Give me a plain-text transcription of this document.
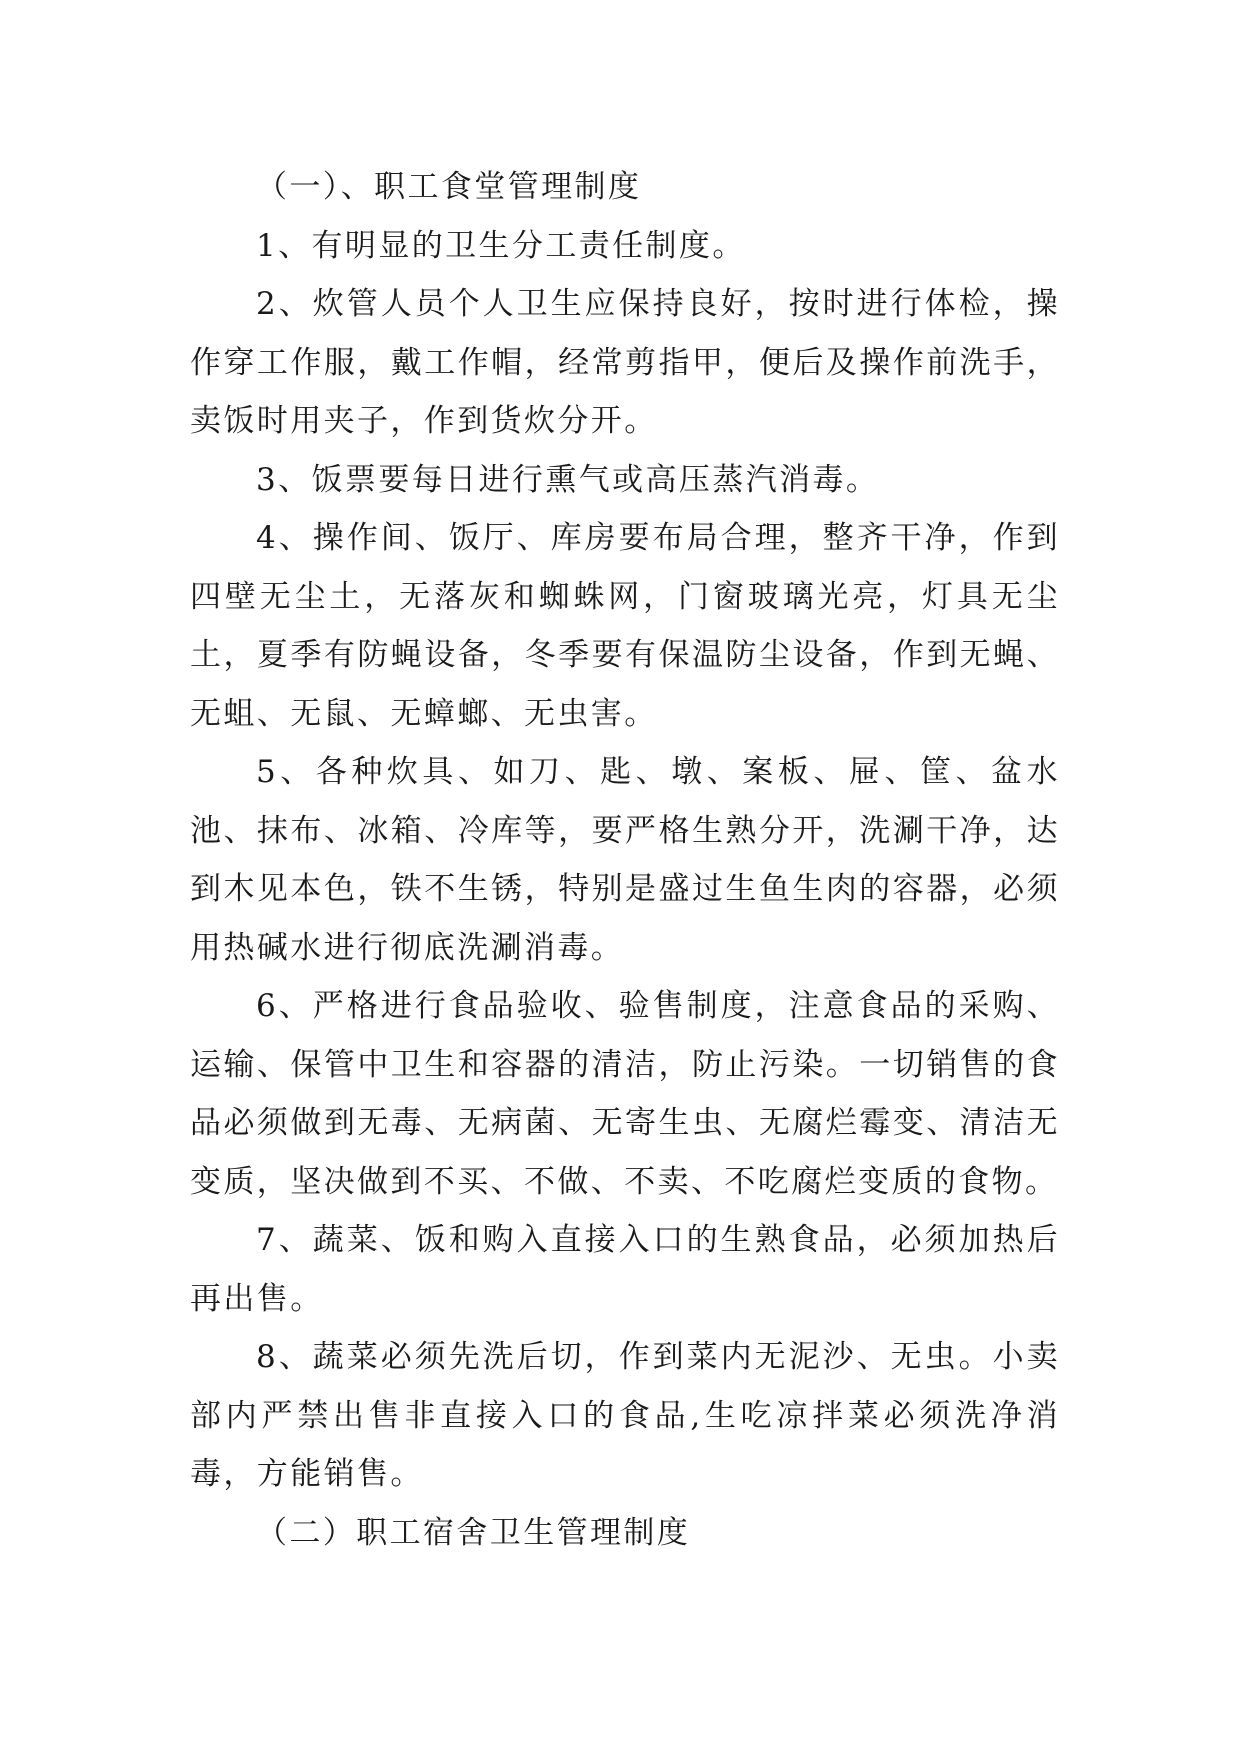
（一）、职工食堂管理制度

1、有明显的卫生分工责任制度。

2、炊管人员个人卫生应保持良好，按时进行体检，操作穿工作服，戴工作帽，经常剪指甲，便后及操作前洗手，卖饭时用夹子，作到货炊分开。

3、饭票要每日进行熏气或高压蒸汽消毒。

4、操作间、饭厅、库房要布局合理，整齐干净，作到四壁无尘土，无落灰和蜘蛛网，门窗玻璃光亮，灯具无尘土，夏季有防蝇设备，冬季要有保温防尘设备，作到无蝇、无蛆、无鼠、无蟑螂、无虫害。

5、各种炊具、如刀、匙、墩、案板、屉、筐、盆水池、抹布、冰箱、冷库等，要严格生熟分开，洗涮干净，达到木见本色，铁不生锈，特别是盛过生鱼生肉的容器，必须用热碱水进行彻底洗涮消毒。

6、严格进行食品验收、验售制度，注意食品的采购、运输、保管中卫生和容器的清洁，防止污染。一切销售的食品必须做到无毒、无病菌、无寄生虫、无腐烂霉变、清洁无变质，坚决做到不买、不做、不卖、不吃腐烂变质的食物。

7、蔬菜、饭和购入直接入口的生熟食品，必须加热后再出售。

8、蔬菜必须先洗后切，作到菜内无泥沙、无虫。小卖部内严禁出售非直接入口的食品,生吃凉拌菜必须洗净消毒，方能销售。

（二）职工宿舍卫生管理制度
